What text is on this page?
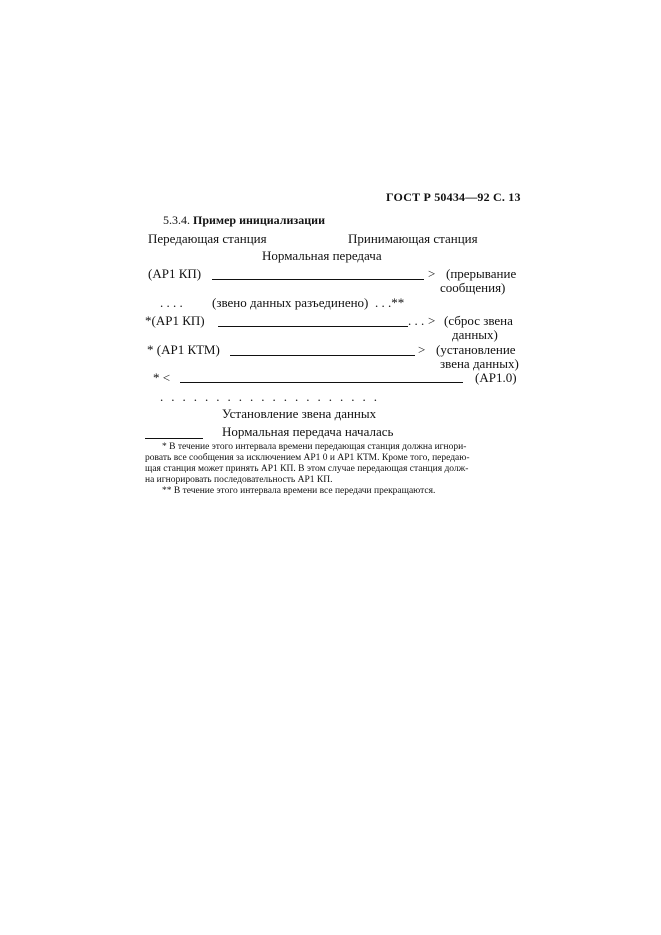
ГОСТ Р 50434—92 С. 13
5.3.4. Пример инициализации
Передающая станция	Принимающая станция
Нормальная передача
(АР1 КП)	> (прерывание
сообщения)
. . . . (звено данных разъединено) . . .**
*(АР1 КП)	. . . > (сброс звена
данных)
* (АР1 КТМ)	> (установление
звена данных)
* <	(АР1.0)
....................
Установление звена данных
Нормальная передача началась
* В течение этого интервала времени передающая станция должна игнори-
ровать все сообщения за исключением АР1 0 и АР1 КТМ. Кроме того, передаю-
щая станция может принять АР1 КП. В этом случае передающая станция долж-
на игнорировать последовательность АР1 КП.
** В течение этого интервала времени все передачи прекращаются.
